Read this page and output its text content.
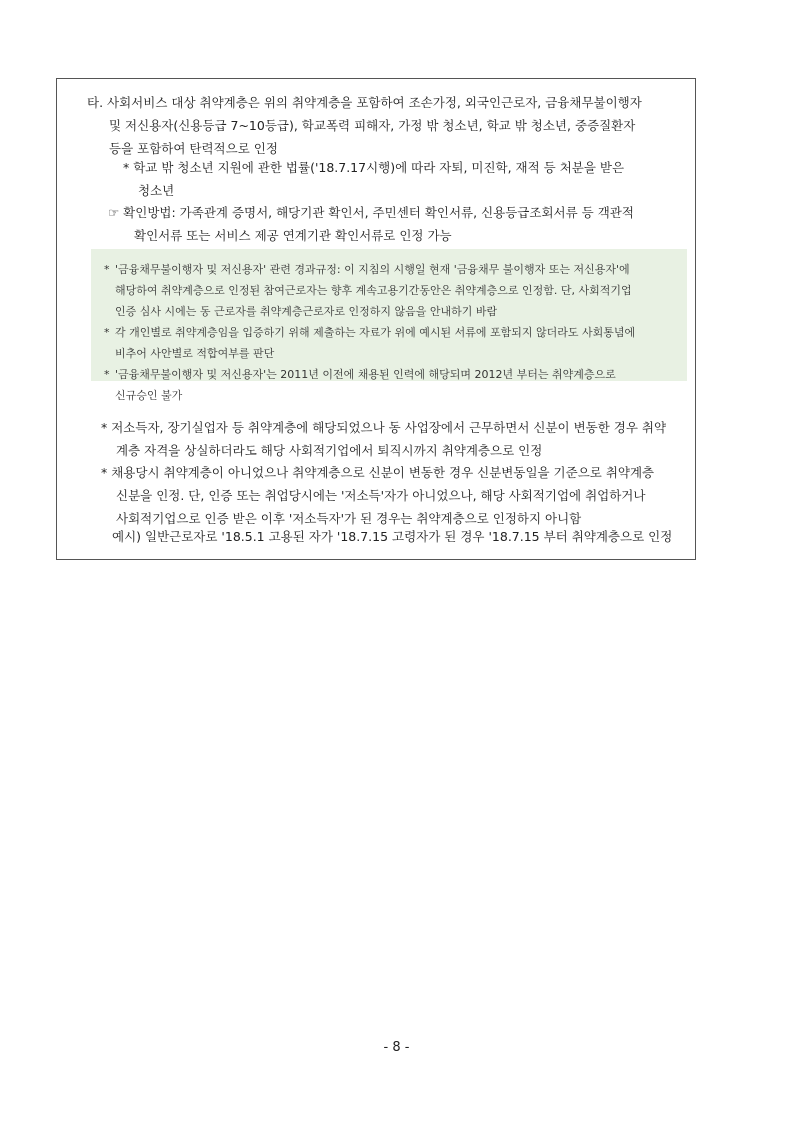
타. 사회서비스 대상 취약계층은 위의 취약계층을 포함하여 조손가정, 외국인근로자, 금융채무불이행자
및 저신용자(신용등급 7~10등급), 학교폭력 피해자, 가정 밖 청소년, 학교 밖 청소년, 중증질환자
등을 포함하여 탄력적으로 인정
* 학교 밖 청소년 지원에 관한 법률('18.7.17시행)에 따라 자퇴, 미진학, 재적 등 처분을 받은
청소년
☞ 확인방법: 가족관계 증명서, 해당기관 확인서, 주민센터 확인서류, 신용등급조회서류 등 객관적
확인서류 또는 서비스 제공 연계기관 확인서류로 인정 가능
* '금융채무불이행자 및 저신용자' 관련 경과규정: 이 지침의 시행일 현재 '금융채무 불이행자 또는 저신용자'에
해당하여 취약계층으로 인정된 참여근로자는 향후 계속고용기간동안은 취약계층으로 인정함. 단, 사회적기업
인증 심사 시에는 동 근로자를 취약계층근로자로 인정하지 않음을 안내하기 바람
* 각 개인별로 취약계층임을 입증하기 위해 제출하는 자료가 위에 예시된 서류에 포함되지 않더라도 사회통념에
비추어 사안별로 적합여부를 판단
* '금융채무불이행자 및 저신용자'는 2011년 이전에 채용된 인력에 해당되며 2012년 부터는 취약계층으로
신규승인 불가
* 저소득자, 장기실업자 등 취약계층에 해당되었으나 동 사업장에서 근무하면서 신분이 변동한 경우 취약
계층 자격을 상실하더라도 해당 사회적기업에서 퇴직시까지 취약계층으로 인정
* 채용당시 취약계층이 아니었으나 취약계층으로 신분이 변동한 경우 신분변동일을 기준으로 취약계층
신분을 인정. 단, 인증 또는 취업당시에는 '저소득'자가 아니었으나, 해당 사회적기업에 취업하거나
사회적기업으로 인증 받은 이후 '저소득자'가 된 경우는 취약계층으로 인정하지 아니함
예시) 일반근로자로 '18.5.1 고용된 자가 '18.7.15 고령자가 된 경우 '18.7.15 부터 취약계층으로 인정
- 8 -
